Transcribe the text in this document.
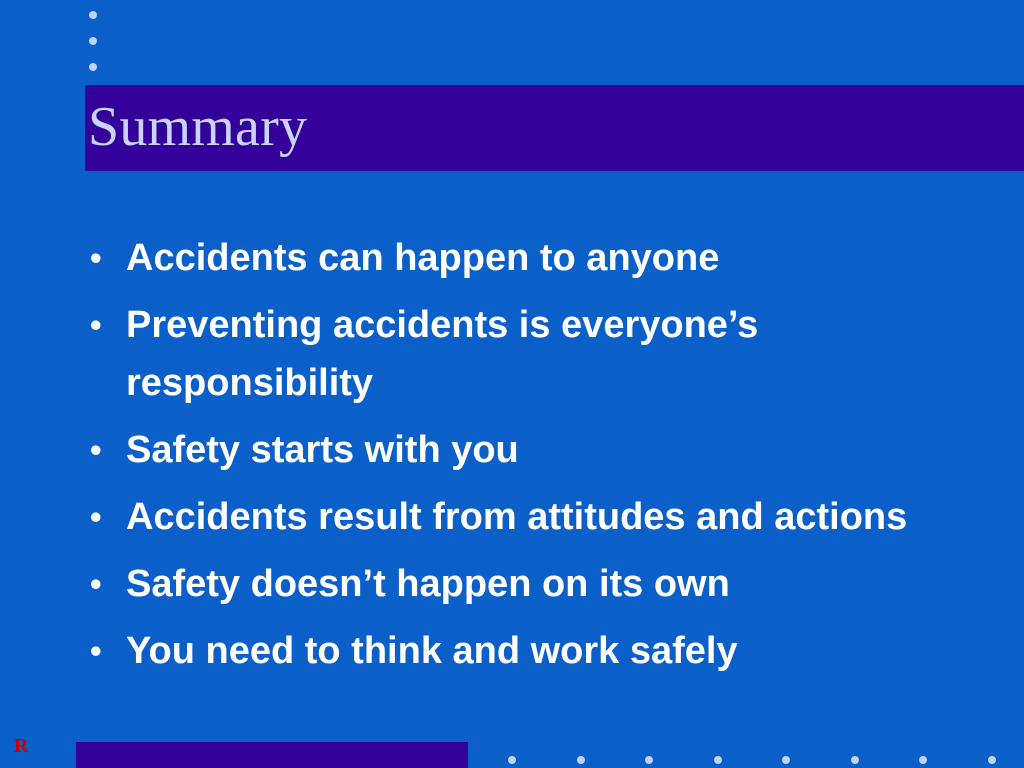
Summary
• Accidents can happen to anyone
• Preventing accidents is everyone’s responsibility
• Safety starts with you
• Accidents result from attitudes and actions
• Safety doesn’t happen on its own
• You need to think and work safely
R
